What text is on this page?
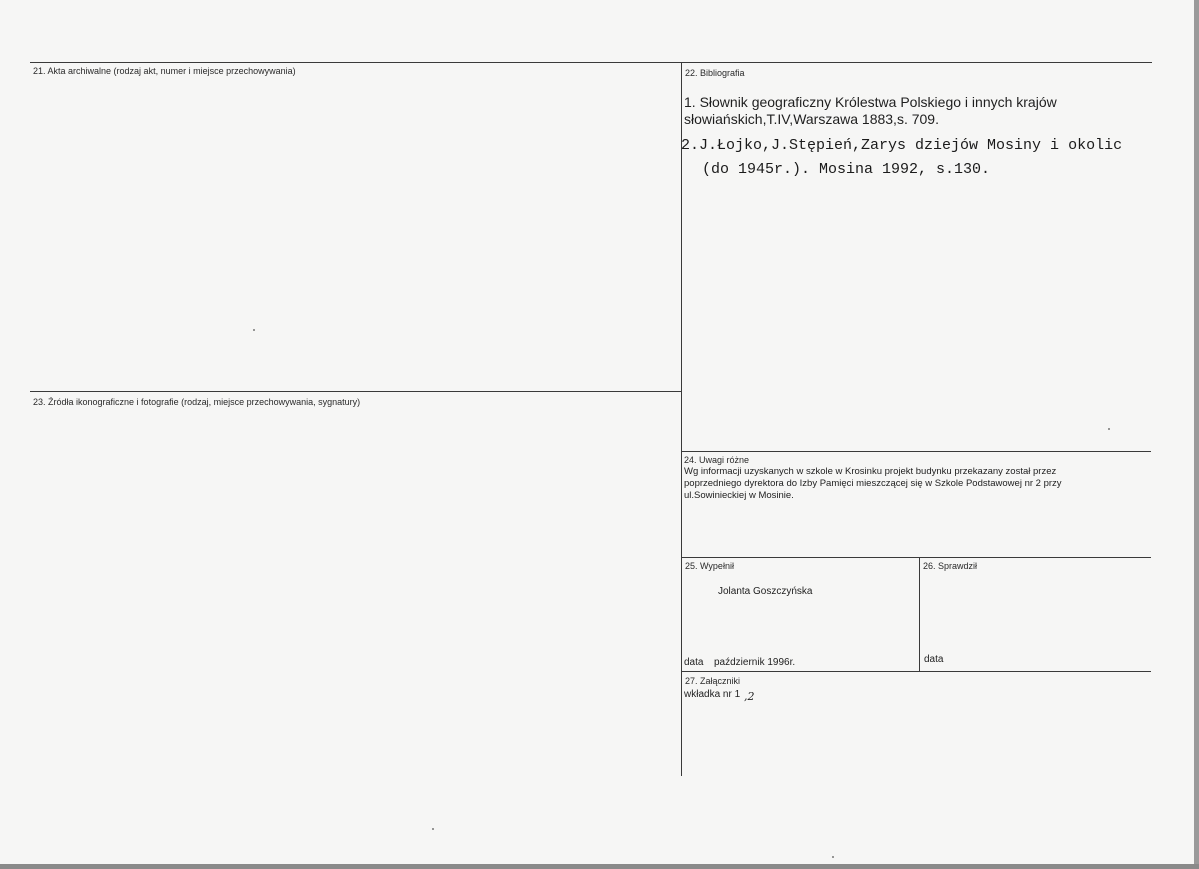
21. Akta archiwalne (rodzaj akt, numer i miejsce przechowywania)	22. Bibliografia
1. Słownik geograficzny Królestwa Polskiego i innych krajów
słowiańskich,T.IV,Warszawa 1883,s. 709.
2.J.Łojko,J.Stępień,Zarys dziejów Mosiny i okolic
(do 1945r.). Mosina 1992, s.130.
23. Źródła ikonograficzne i fotografie (rodzaj, miejsce przechowywania, sygnatury)
24. Uwagi różne
Wg informacji uzyskanych w szkole w Krosinku projekt budynku przekazany został przez
poprzedniego dyrektora do Izby Pamięci mieszczącej się w Szkole Podstawowej nr 2 przy
ul.Sowinieckiej w Mosinie.
25. Wypełnił
Jolanta Goszczyńska
data październik 1996r.
26. Sprawdził
data
27. Załączniki
wkładka nr 1 ,2
